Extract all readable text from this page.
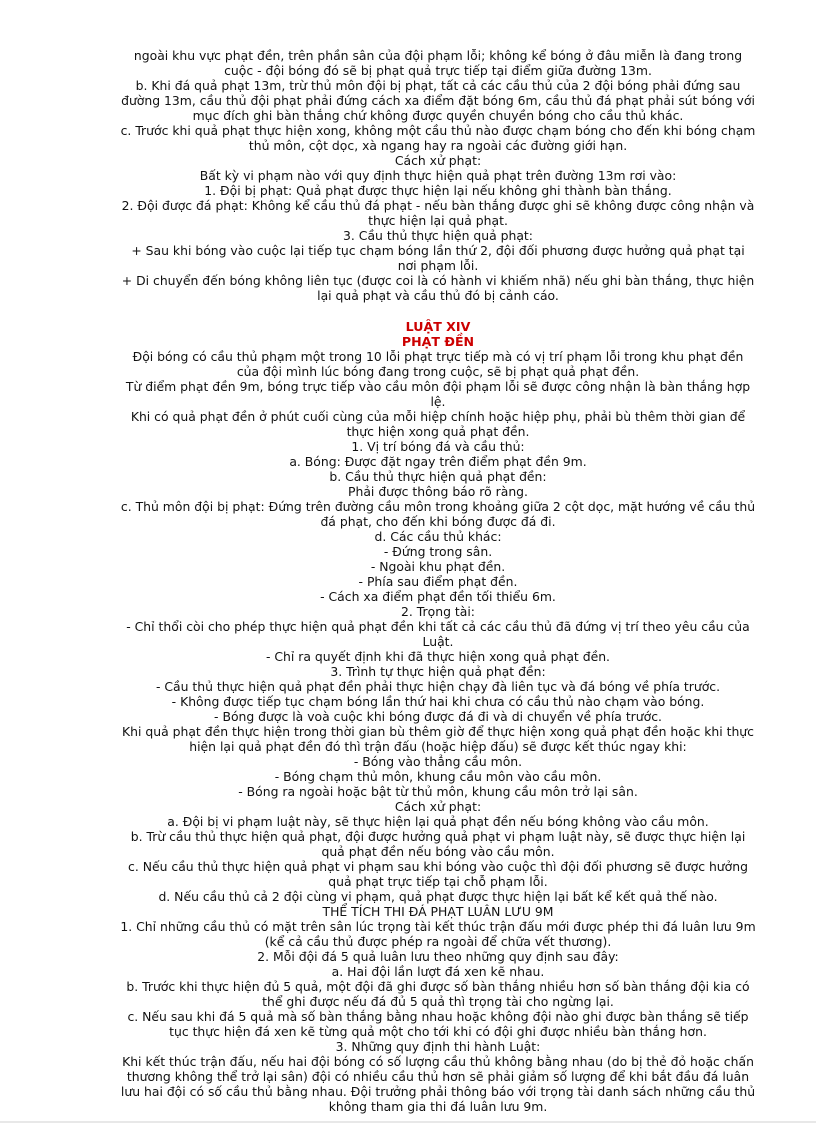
ngoài khu vực phạt đền, trên phần sân của đội phạm lỗi; không kể bóng ở đâu miễn là đang trong cuộc - đội bóng đó sẽ bị phạt quả trực tiếp tại điểm giữa đường 13m.

b. Khi đá quả phạt 13m, trừ thủ môn đội bị phạt, tất cả các cầu thủ của 2 đội bóng phải đứng sau đường 13m, cầu thủ đội phạt phải đứng cách xa điểm đặt bóng 6m, cầu thủ đá phạt phải sút bóng với mục đích ghi bàn thắng chứ không được quyền chuyền bóng cho cầu thủ khác.

c. Trước khi quả phạt thực hiện xong, không một cầu thủ nào được chạm bóng cho đến khi bóng chạm thủ môn, cột dọc, xà ngang hay ra ngoài các đường giới hạn.

Cách xử phạt:

Bất kỳ vi phạm nào với quy định thực hiện quả phạt trên đường 13m rơi vào:

1. Đội bị phạt: Quả phạt được thực hiện lại nếu không ghi thành bàn thắng.

2. Đội được đá phạt: Không kể cầu thủ đá phạt - nếu bàn thắng được ghi sẽ không được công nhận và thực hiện lại quả phạt.

3. Cầu thủ thực hiện quả phạt:

+ Sau khi bóng vào cuộc lại tiếp tục chạm bóng lần thứ 2, đội đối phương được hưởng quả phạt tại nơi phạm lỗi.

+ Di chuyển đến bóng không liên tục (được coi là có hành vi khiếm nhã) nếu ghi bàn thắng, thực hiện lại quả phạt và cầu thủ đó bị cảnh cáo.

LUẬT XIV

PHẠT ĐỀN

Đội bóng có cầu thủ phạm một trong 10 lỗi phạt trực tiếp mà có vị trí phạm lỗi trong khu phạt đền của đội mình lúc bóng đang trong cuộc, sẽ bị phạt quả phạt đền.

Từ điểm phạt đền 9m, bóng trực tiếp vào cầu môn đội phạm lỗi sẽ được công nhận là bàn thắng hợp lệ.

Khi có quả phạt đền ở phút cuối cùng của mỗi hiệp chính hoặc hiệp phụ, phải bù thêm thời gian để thực hiện xong quả phạt đền.

1. Vị trí bóng đá và cầu thủ:

a. Bóng: Được đặt ngay trên điểm phạt đền 9m.

b. Cầu thủ thực hiện quả phạt đền:

Phải được thông báo rõ ràng.

c. Thủ môn đội bị phạt: Đứng trên đường cầu môn trong khoảng giữa 2 cột dọc, mặt hướng về cầu thủ đá phạt, cho đến khi bóng được đá đi.

d. Các cầu thủ khác:

- Đứng trong sân.

- Ngoài khu phạt đền.

- Phía sau điểm phạt đền.

- Cách xa điểm phạt đền tối thiểu 6m.

2. Trọng tài:

- Chỉ thổi còi cho phép thực hiện quả phạt đền khi tất cả các cầu thủ đã đứng vị trí theo yêu cầu của Luật.

- Chỉ ra quyết định khi đã thực hiện xong quả phạt đền.

3. Trình tự thực hiện quả phạt đền:

- Cầu thủ thực hiện quả phạt đền phải thực hiện chạy đà liên tục và đá bóng về phía trước.

- Không được tiếp tục chạm bóng lần thứ hai khi chưa có cầu thủ nào chạm vào bóng.

- Bóng được là voà cuộc khi bóng được đá đi và di chuyển về phía trước.

Khi quả phạt đền thực hiện trong thời gian bù thêm giờ để thực hiện xong quả phạt đền hoặc khi thực hiện lại quả phạt đền đó thì trận đấu (hoặc hiệp đấu) sẽ được kết thúc ngay khi:

- Bóng vào thẳng cầu môn.

- Bóng chạm thủ môn, khung cầu môn vào cầu môn.

- Bóng ra ngoài hoặc bật từ thủ môn, khung cầu môn trở lại sân.

Cách xử phạt:

a. Đội bị vi phạm luật này, sẽ thực hiện lại quả phạt đền nếu bóng không vào cầu môn.

b. Trừ cầu thủ thực hiện quả phạt, đội được hưởng quả phạt vi phạm luật này, sẽ được thực hiện lại quả phạt đền nếu bóng vào cầu môn.

c. Nếu cầu thủ thực hiện quả phạt vi phạm sau khi bóng vào cuộc thì đội đối phương sẽ được hưởng quả phạt trực tiếp tại chỗ phạm lỗi.

d. Nếu cầu thủ cả 2 đội cùng vi phạm, quả phạt được thực hiện lại bất kể kết quả thế nào.

THỂ TÍCH THI ĐÁ PHẠT LUÂN LƯU 9M

1. Chỉ những cầu thủ có mặt trên sân lúc trọng tài kết thúc trận đấu mới được phép thi đá luân lưu 9m (kể cả cầu thủ được phép ra ngoài để chữa vết thương).

2. Mỗi đội đá 5 quả luân lưu theo những quy định sau đây:

a. Hai đội lần lượt đá xen kẽ nhau.

b. Trước khi thực hiện đủ 5 quả, một đội đã ghi được số bàn thắng nhiều hơn số bàn thắng đội kia có thể ghi được nếu đá đủ 5 quả thì trọng tài cho ngừng lại.

c. Nếu sau khi đá 5 quả mà số bàn thắng bằng nhau hoặc không đội nào ghi được bàn thắng sẽ tiếp tục thực hiện đá xen kẽ từng quả một cho tới khi có đội ghi được nhiều bàn thắng hơn.

3. Những quy định thi hành Luật:

Khi kết thúc trận đấu, nếu hai đội bóng có số lượng cầu thủ không bằng nhau (do bị thẻ đỏ hoặc chấn thương không thể trở lại sân) đội có nhiều cầu thủ hơn sẽ phải giảm số lượng để khi bắt đầu đá luân lưu hai đội có số cầu thủ bằng nhau. Đội trưởng phải thông báo với trọng tài danh sách những cầu thủ không tham gia thi đá luân lưu 9m.
